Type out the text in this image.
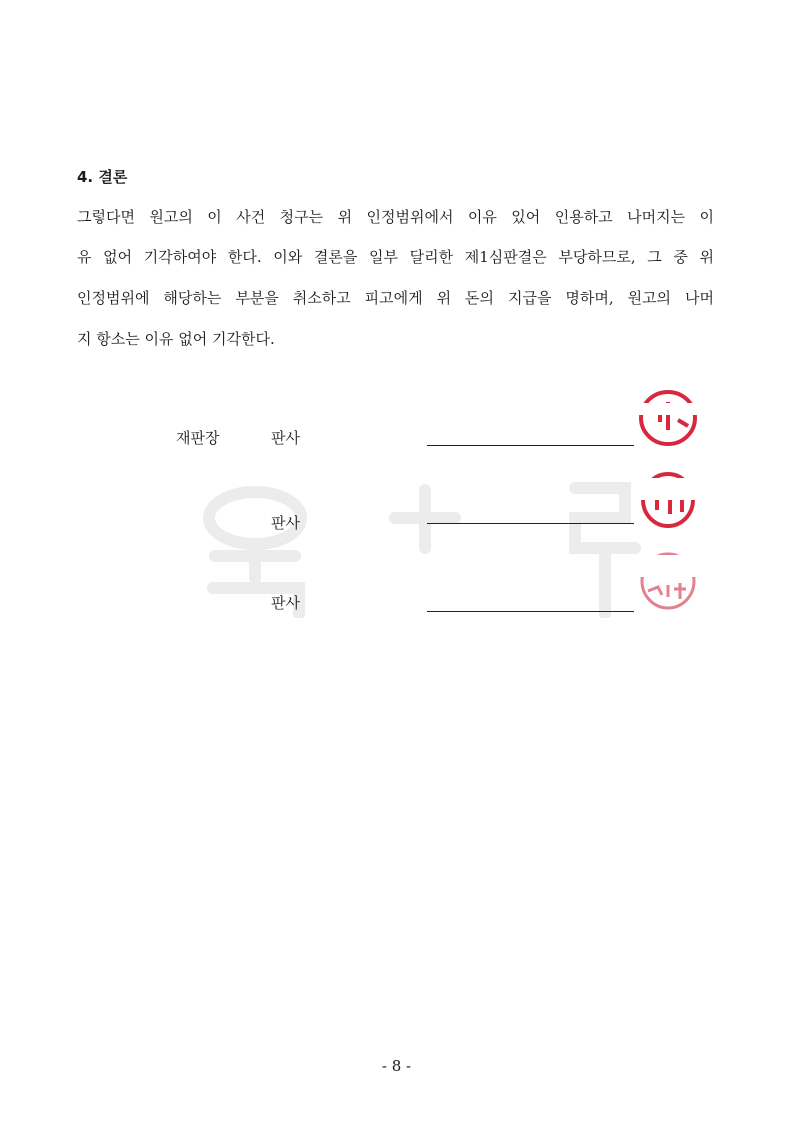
4. 결론
그렇다면 원고의 이 사건 청구는 위 인정범위에서 이유 있어 인용하고 나머지는 이
유 없어 기각하여야 한다. 이와 결론을 일부 달리한 제1심판결은 부당하므로, 그 중 위
인정범위에 해당하는 부분을 취소하고 피고에게 위 돈의 지급을 명하며, 원고의 나머
지 항소는 이유 없어 기각한다.
재판장	판사
판사
판사
- 8 -
